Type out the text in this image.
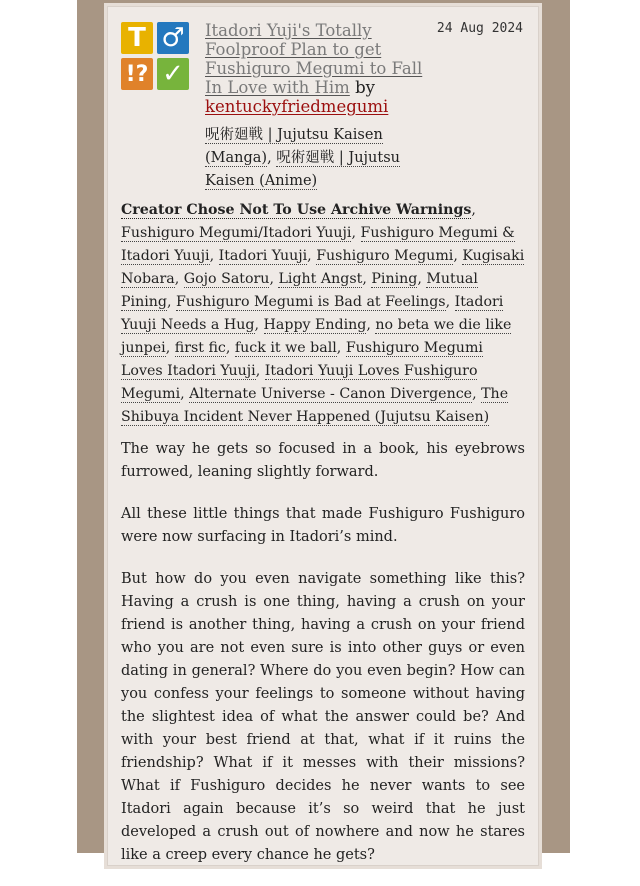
T ♂
!? ✓
24 Aug 2024
Itadori Yuji's Totally Foolproof Plan to get Fushiguro Megumi to Fall In Love with Him by kentuckyfriedmegumi
呪術廻戦 | Jujutsu Kaisen (Manga), 呪術廻戦 | Jujutsu Kaisen (Anime)
Creator Chose Not To Use Archive Warnings, Fushiguro Megumi/Itadori Yuuji, Fushiguro Megumi & Itadori Yuuji, Itadori Yuuji, Fushiguro Megumi, Kugisaki Nobara, Gojo Satoru, Light Angst, Pining, Mutual Pining, Fushiguro Megumi is Bad at Feelings, Itadori Yuuji Needs a Hug, Happy Ending, no beta we die like junpei, first fic, fuck it we ball, Fushiguro Megumi Loves Itadori Yuuji, Itadori Yuuji Loves Fushiguro Megumi, Alternate Universe - Canon Divergence, The Shibuya Incident Never Happened (Jujutsu Kaisen)

The way he gets so focused in a book, his eyebrows furrowed, leaning slightly forward.

All these little things that made Fushiguro Fushiguro were now surfacing in Itadori’s mind.

But how do you even navigate something like this? Having a crush is one thing, having a crush on your friend is another thing, having a crush on your friend who you are not even sure is into other guys or even dating in general? Where do you even begin? How can you confess your feelings to someone without having the slightest idea of what the answer could be? And with your best friend at that, what if it ruins the friendship? What if it messes with their missions? What if Fushiguro decides he never wants to see Itadori again because it’s so weird that he just developed a crush out of nowhere and now he stares like a creep every chance he gets?
